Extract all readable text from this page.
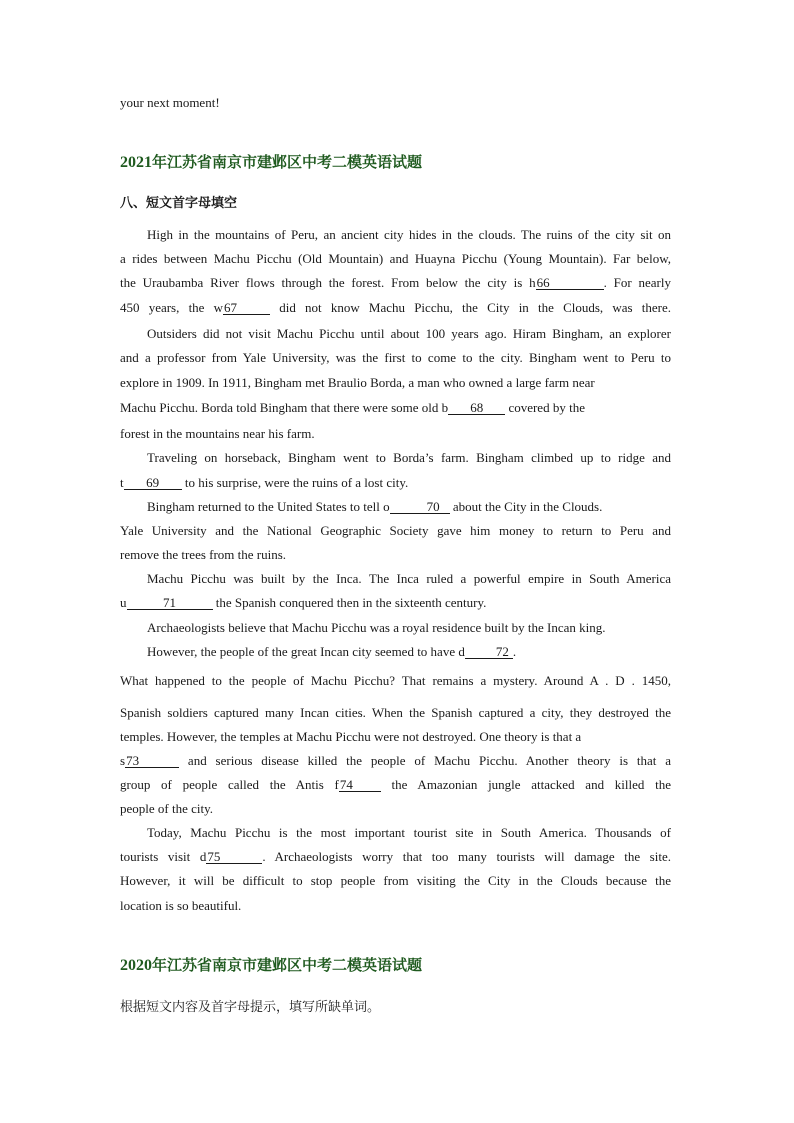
your next moment!
2021年江苏省南京市建邺区中考二模英语试题
八、短文首字母填空
High in the mountains of Peru, an ancient city hides in the clouds. The ruins of the city sit on
a rides between Machu Picchu (Old Mountain) and Huayna Picchu (Young Mountain). Far below,
the Uraubamba River flows through the forest. From below the city is h66	. For nearly
450 years, the w67	did not know Machu Picchu, the City in the Clouds, was there.
Outsiders did not visit Machu Picchu until about 100 years ago. Hiram Bingham, an explorer
and a professor from Yale University, was the first to come to the city. Bingham went to Peru to
explore in 1909. In 1911, Bingham met Braulio Borda, a man who owned a large farm near
Machu Picchu. Borda told Bingham that there were some old b 68 covered by the
forest in the mountains near his farm.
Traveling on horseback, Bingham went to Borda’s farm. Bingham climbed up to ridge and
t 69 to his surprise, were the ruins of a lost city.
Bingham returned to the United States to tell o	70 about the City in the Clouds.
Yale University and the National Geographic Society gave him money to return to Peru and
remove the trees from the ruins.
Machu Picchu was built by the Inca. The Inca ruled a powerful empire in South America
u	71	the Spanish conquered then in the sixteenth century.
Archaeologists believe that Machu Picchu was a royal residence built by the Incan king.
However, the people of the great Incan city seemed to have d 72 .
What happened to the people of Machu Picchu? That remains a mystery. Around A . D . 1450,
Spanish soldiers captured many Incan cities. When the Spanish captured a city, they destroyed the
temples. However, the temples at Machu Picchu were not destroyed. One theory is that a
s73	and serious disease killed the people of Machu Picchu. Another theory is that a
group of people called the Antis f74 the Amazonian jungle attacked and killed the
people of the city.
Today, Machu Picchu is the most important tourist site in South America. Thousands of
tourists visit d75	. Archaeologists worry that too many tourists will damage the site.
However, it will be difficult to stop people from visiting the City in the Clouds because the
location is so beautiful.
2020年江苏省南京市建邺区中考二模英语试题
根据短文内容及首字母提示，填写所缺单词。
